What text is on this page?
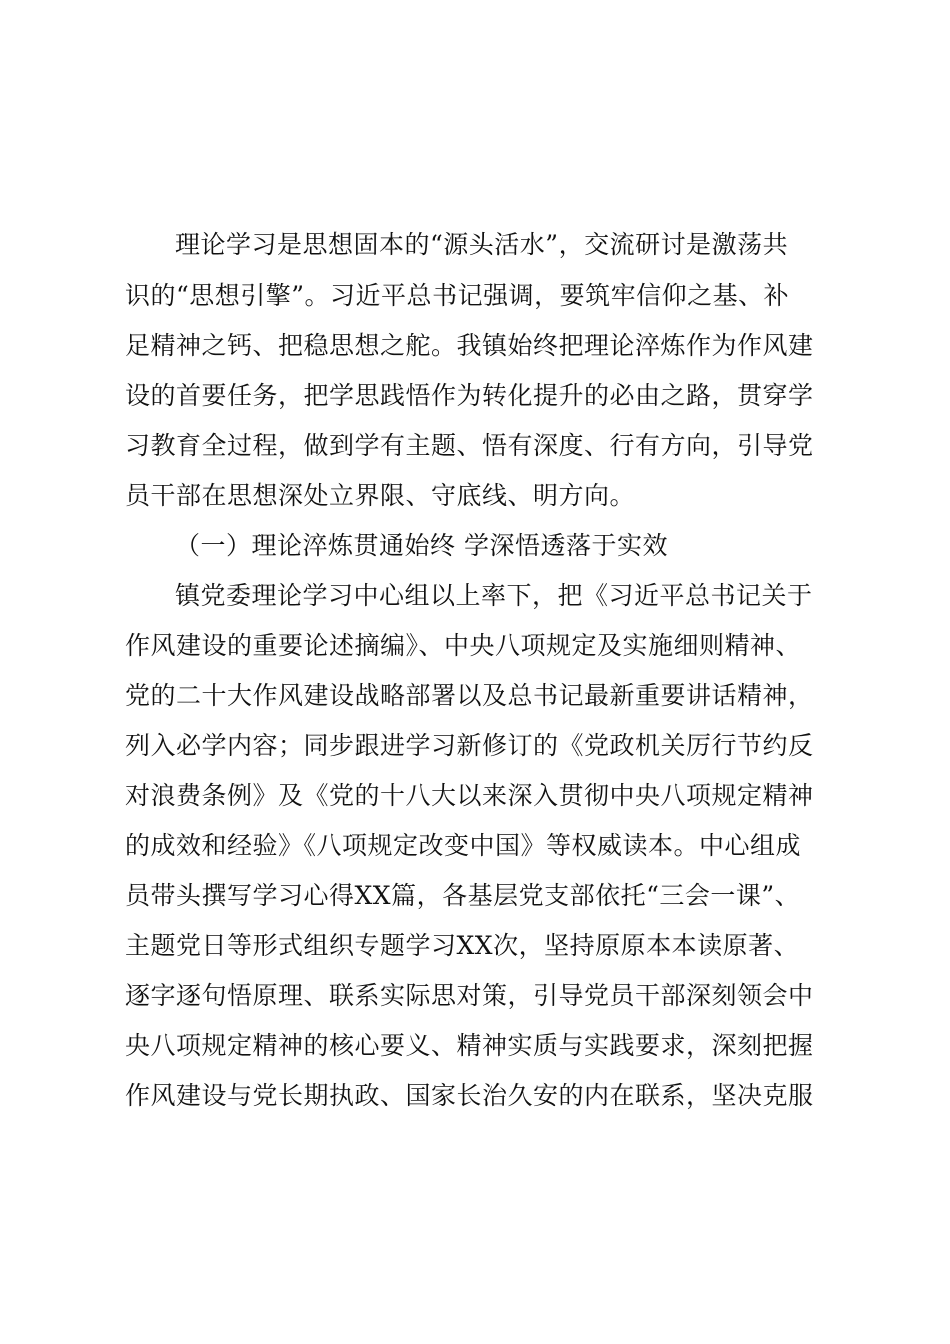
理论学习是思想固本的“源头活水”，交流研讨是激荡共
识的“思想引擎”。习近平总书记强调，要筑牢信仰之基、补
足精神之钙、把稳思想之舵。我镇始终把理论淬炼作为作风建
设的首要任务，把学思践悟作为转化提升的必由之路，贯穿学
习教育全过程，做到学有主题、悟有深度、行有方向，引导党
员干部在思想深处立界限、守底线、明方向。
（一）理论淬炼贯通始终 学深悟透落于实效
镇党委理论学习中心组以上率下，把《习近平总书记关于
作风建设的重要论述摘编》、中央八项规定及实施细则精神、
党的二十大作风建设战略部署以及总书记最新重要讲话精神，
列入必学内容；同步跟进学习新修订的《党政机关厉行节约反
对浪费条例》及《党的十八大以来深入贯彻中央八项规定精神
的成效和经验》《八项规定改变中国》等权威读本。中心组成
员带头撰写学习心得XX篇，各基层党支部依托“三会一课”、
主题党日等形式组织专题学习XX次，坚持原原本本读原著、
逐字逐句悟原理、联系实际思对策，引导党员干部深刻领会中
央八项规定精神的核心要义、精神实质与实践要求，深刻把握
作风建设与党长期执政、国家长治久安的内在联系，坚决克服
